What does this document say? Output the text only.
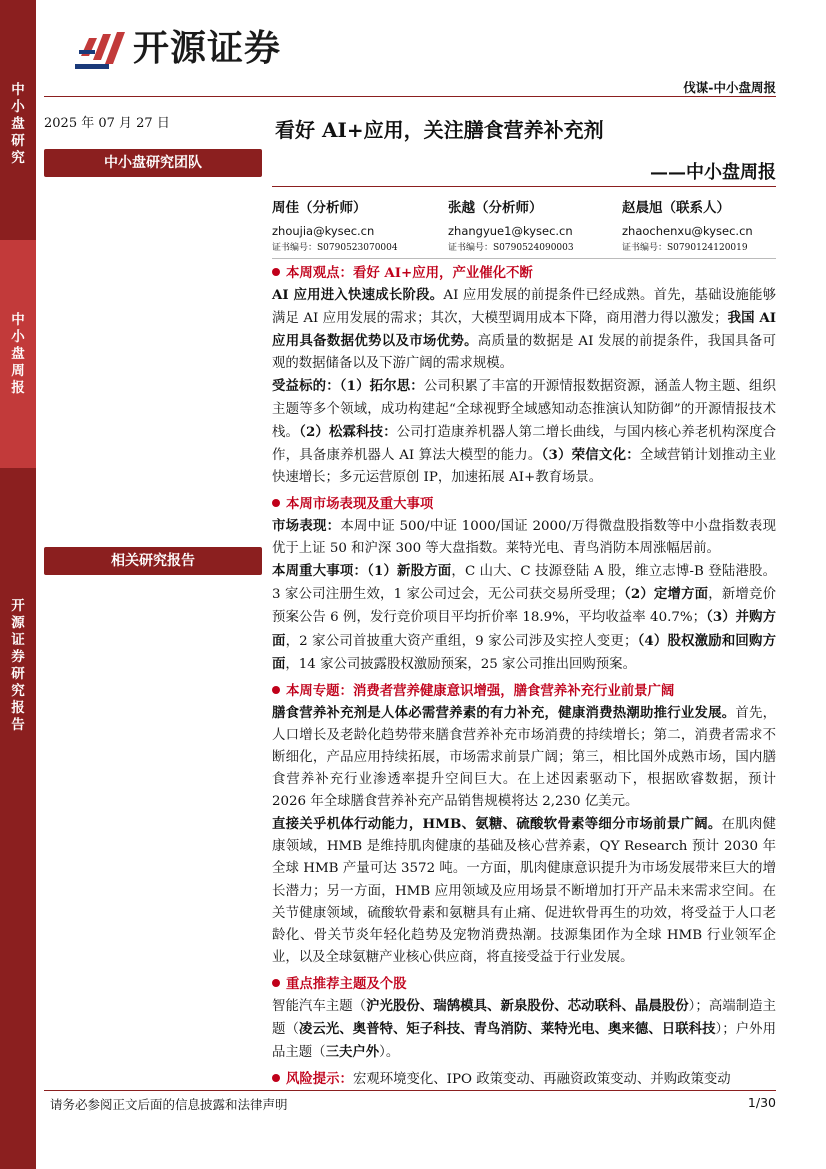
开源证券
伐谋-中小盘周报
中
小
盘
研
究
中
小
盘
周
报
开
源
证
券
研
究
报
告
2025 年 07 月 27 日
中小盘研究团队
相关研究报告
看好 AI+应用，关注膳食营养补充剂
——中小盘周报
周佳（分析师）
zhoujia@kysec.cn
证书编号：S0790523070004
张越（分析师）
zhangyue1@kysec.cn
证书编号：S0790524090003
赵晨旭（联系人）
zhaochenxu@kysec.cn
证书编号：S0790124120019

本周观点：看好 AI+应用，产业催化不断

AI 应用进入快速成长阶段。AI 应用发展的前提条件已经成熟。首先，基础设施能够满足 AI 应用发展的需求；其次，大模型调用成本下降，商用潜力得以激发；我国 AI 应用具备数据优势以及市场优势。高质量的数据是 AI 发展的前提条件，我国具备可观的数据储备以及下游广阔的需求规模。

受益标的：（1）拓尔思：公司积累了丰富的开源情报数据资源，涵盖人物主题、组织主题等多个领域，成功构建起“全球视野全域感知动态推演认知防御”的开源情报技术栈。（2）松霖科技：公司打造康养机器人第二增长曲线，与国内核心养老机构深度合作，具备康养机器人 AI 算法大模型的能力。（3）荣信文化：全域营销计划推动主业快速增长；多元运营原创 IP，加速拓展 AI+教育场景。

本周市场表现及重大事项

市场表现：本周中证 500/中证 1000/国证 2000/万得微盘股指数等中小盘指数表现优于上证 50 和沪深 300 等大盘指数。莱特光电、青鸟消防本周涨幅居前。

本周重大事项：（1）新股方面，C 山大、C 技源登陆 A 股，维立志博-B 登陆港股。3 家公司注册生效，1 家公司过会，无公司获交易所受理；（2）定增方面，新增竞价预案公告 6 例，发行竞价项目平均折价率 18.9%，平均收益率 40.7%；（3）并购方面，2 家公司首披重大资产重组，9 家公司涉及实控人变更；（4）股权激励和回购方面，14 家公司披露股权激励预案，25 家公司推出回购预案。

本周专题：消费者营养健康意识增强，膳食营养补充行业前景广阔

膳食营养补充剂是人体必需营养素的有力补充，健康消费热潮助推行业发展。首先，人口增长及老龄化趋势带来膳食营养补充市场消费的持续增长；第二，消费者需求不断细化，产品应用持续拓展，市场需求前景广阔；第三，相比国外成熟市场，国内膳食营养补充行业渗透率提升空间巨大。在上述因素驱动下，根据欧睿数据，预计 2026 年全球膳食营养补充产品销售规模将达 2,230 亿美元。

直接关乎机体行动能力，HMB、氨糖、硫酸软骨素等细分市场前景广阔。在肌肉健康领域，HMB 是维持肌肉健康的基础及核心营养素，QY Research 预计 2030 年全球 HMB 产量可达 3572 吨。一方面，肌肉健康意识提升为市场发展带来巨大的增长潜力；另一方面，HMB 应用领域及应用场景不断增加打开产品未来需求空间。在关节健康领域，硫酸软骨素和氨糖具有止痛、促进软骨再生的功效，将受益于人口老龄化、骨关节炎年轻化趋势及宠物消费热潮。技源集团作为全球 HMB 行业领军企业，以及全球氨糖产业核心供应商，将直接受益于行业发展。

重点推荐主题及个股

智能汽车主题（沪光股份、瑞鹄模具、新泉股份、芯动联科、晶晨股份）；高端制造主题（凌云光、奥普特、矩子科技、青鸟消防、莱特光电、奥来德、日联科技）；户外用品主题（三夫户外）。

风险提示：宏观环境变化、IPO 政策变动、再融资政策变动、并购政策变动

请务必参阅正文后面的信息披露和法律声明	1/30
